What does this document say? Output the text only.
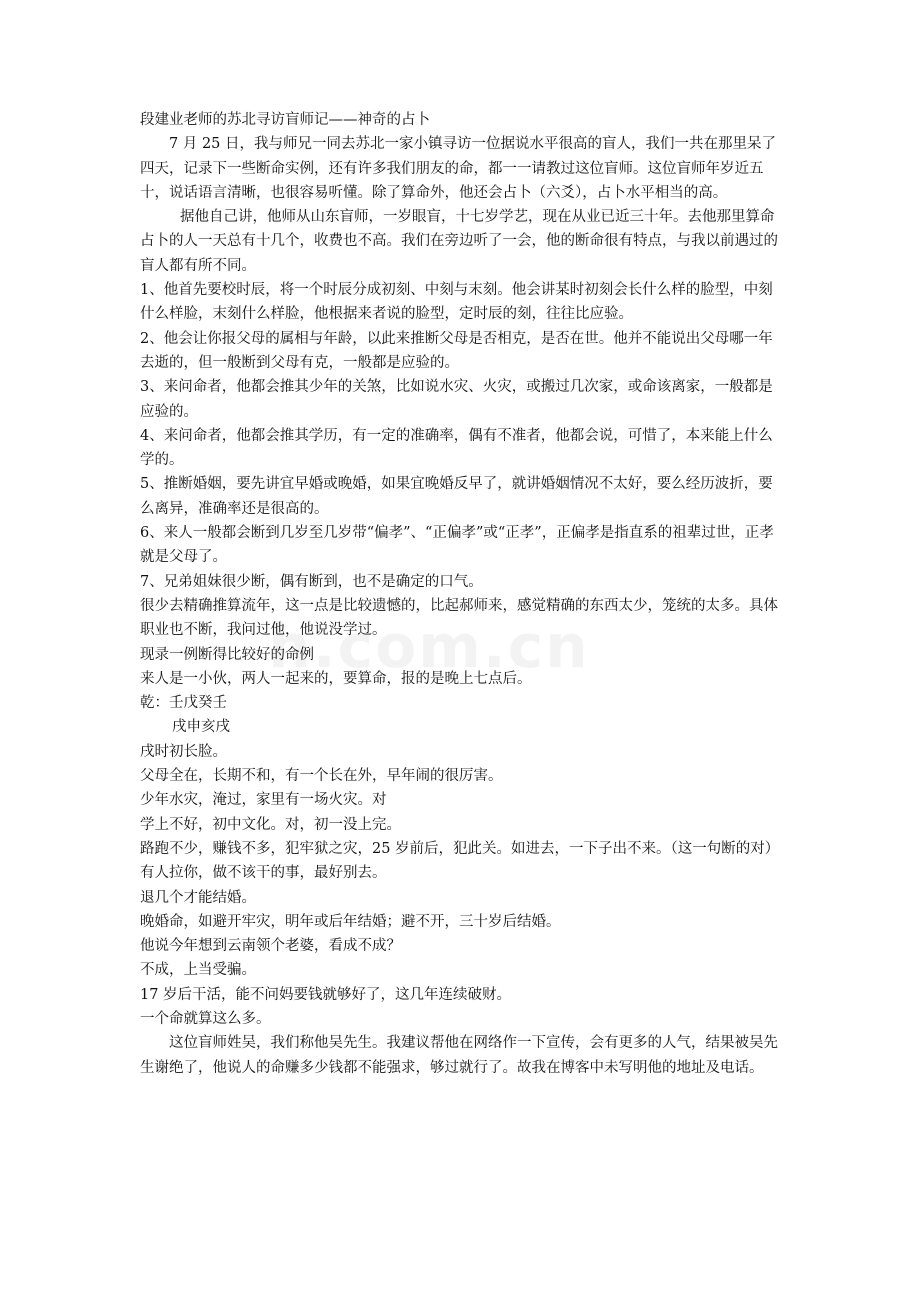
段建业老师的苏北寻访盲师记——神奇的占卜

7 月 25 日，我与师兄一同去苏北一家小镇寻访一位据说水平很高的盲人，我们一共在那里呆了四天，记录下一些断命实例，还有许多我们朋友的命，都一一请教过这位盲师。这位盲师年岁近五十，说话语言清晰，也很容易听懂。除了算命外，他还会占卜（六爻），占卜水平相当的高。

据他自己讲，他师从山东盲师，一岁眼盲，十七岁学艺，现在从业已近三十年。去他那里算命占卜的人一天总有十几个，收费也不高。我们在旁边听了一会，他的断命很有特点，与我以前遇过的盲人都有所不同。

1、他首先要校时辰，将一个时辰分成初刻、中刻与末刻。他会讲某时初刻会长什么样的脸型，中刻什么样脸，末刻什么样脸，他根据来者说的脸型，定时辰的刻，往往比应验。

2、他会让你报父母的属相与年龄，以此来推断父母是否相克，是否在世。他并不能说出父母哪一年去逝的，但一般断到父母有克，一般都是应验的。

3、来问命者，他都会推其少年的关煞，比如说水灾、火灾，或搬过几次家，或命该离家，一般都是应验的。

4、来问命者，他都会推其学历，有一定的准确率，偶有不准者，他都会说，可惜了，本来能上什么学的。

5、推断婚姻，要先讲宜早婚或晚婚，如果宜晚婚反早了，就讲婚姻情况不太好，要么经历波折，要么离异，准确率还是很高的。

6、来人一般都会断到几岁至几岁带“偏孝”、“正偏孝”或“正孝”，正偏孝是指直系的祖辈过世，正孝就是父母了。

7、兄弟姐妹很少断，偶有断到，也不是确定的口气。

很少去精确推算流年，这一点是比较遗憾的，比起郝师来，感觉精确的东西太少，笼统的太多。具体职业也不断，我问过他，他说没学过。

现录一例断得比较好的命例

来人是一小伙，两人一起来的，要算命，报的是晚上七点后。

乾：壬戊癸壬

戌申亥戌

戌时初长脸。

父母全在，长期不和，有一个长在外，早年闹的很厉害。

少年水灾，淹过，家里有一场火灾。对

学上不好，初中文化。对，初一没上完。

路跑不少，赚钱不多，犯牢狱之灾，25 岁前后，犯此关。如进去，一下子出不来。（这一句断的对）

有人拉你，做不该干的事，最好别去。

退几个才能结婚。

晚婚命，如避开牢灾，明年或后年结婚；避不开，三十岁后结婚。

他说今年想到云南领个老婆，看成不成？

不成，上当受骗。

17 岁后干活，能不问妈要钱就够好了，这几年连续破财。

一个命就算这么多。

这位盲师姓吴，我们称他吴先生。我建议帮他在网络作一下宣传，会有更多的人气，结果被吴先生谢绝了，他说人的命赚多少钱都不能强求，够过就行了。故我在博客中未写明他的地址及电话。
